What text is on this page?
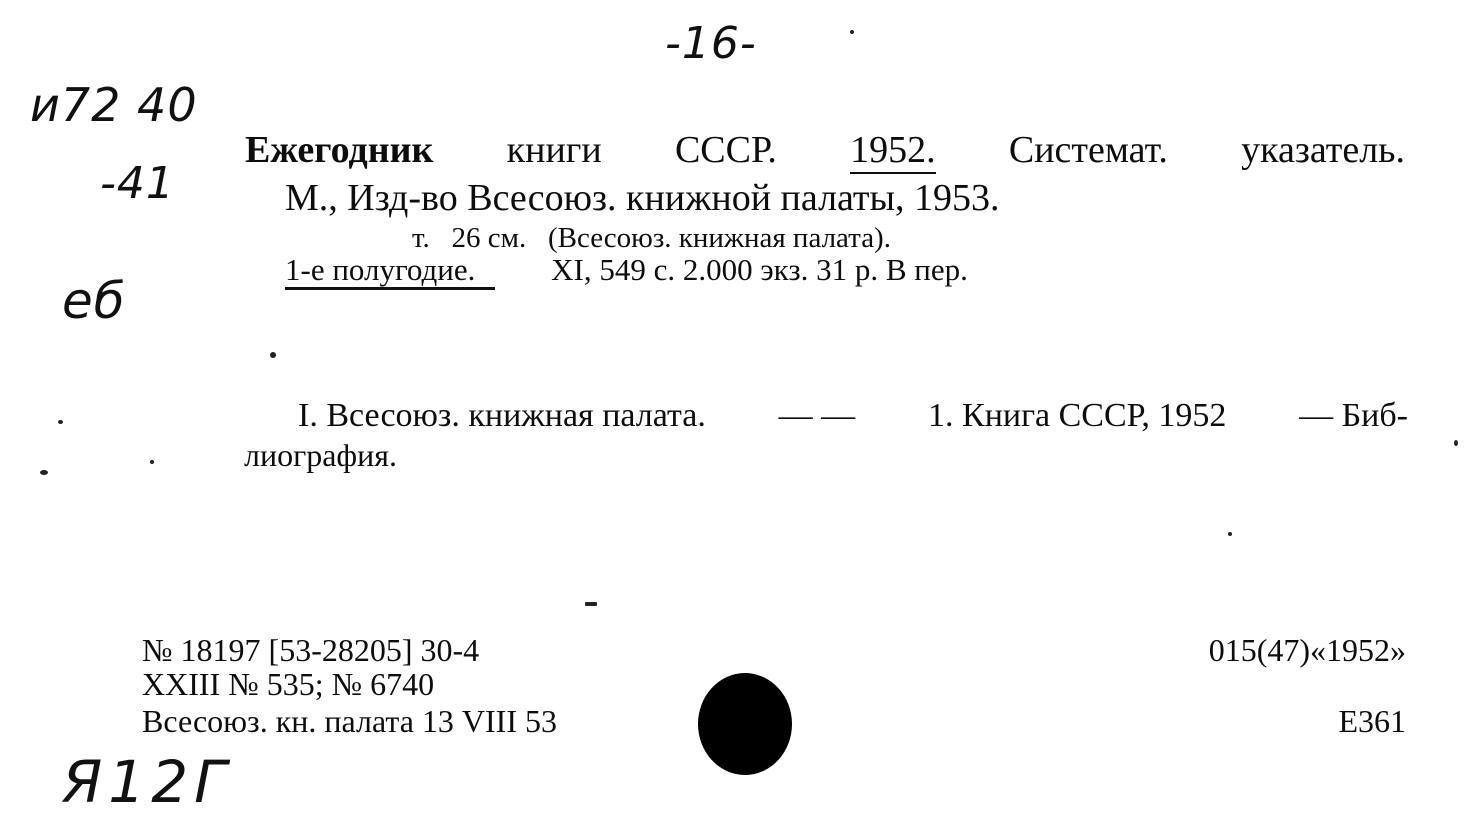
-16-
и72 40
-41
еб
Я12Г
Ежегодник книги СССР. 1952. Системат. указатель.
М., Изд-во Всесоюз. книжной палаты, 1953.
т.   26 см.   (Всесоюз. книжная палата).
1-е полугодие. XI, 549 с. 2.000 экз. 31 р. В пер.
I. Всесоюз. книжная палата. — — 1. Книга СССР, 1952 — Биб-
лиография.
№ 18197 [53-28205] 30-4
XXIII № 535; № 6740
Всесоюз. кн. палата 13 VIII 53
015(47)«1952»
Е361
